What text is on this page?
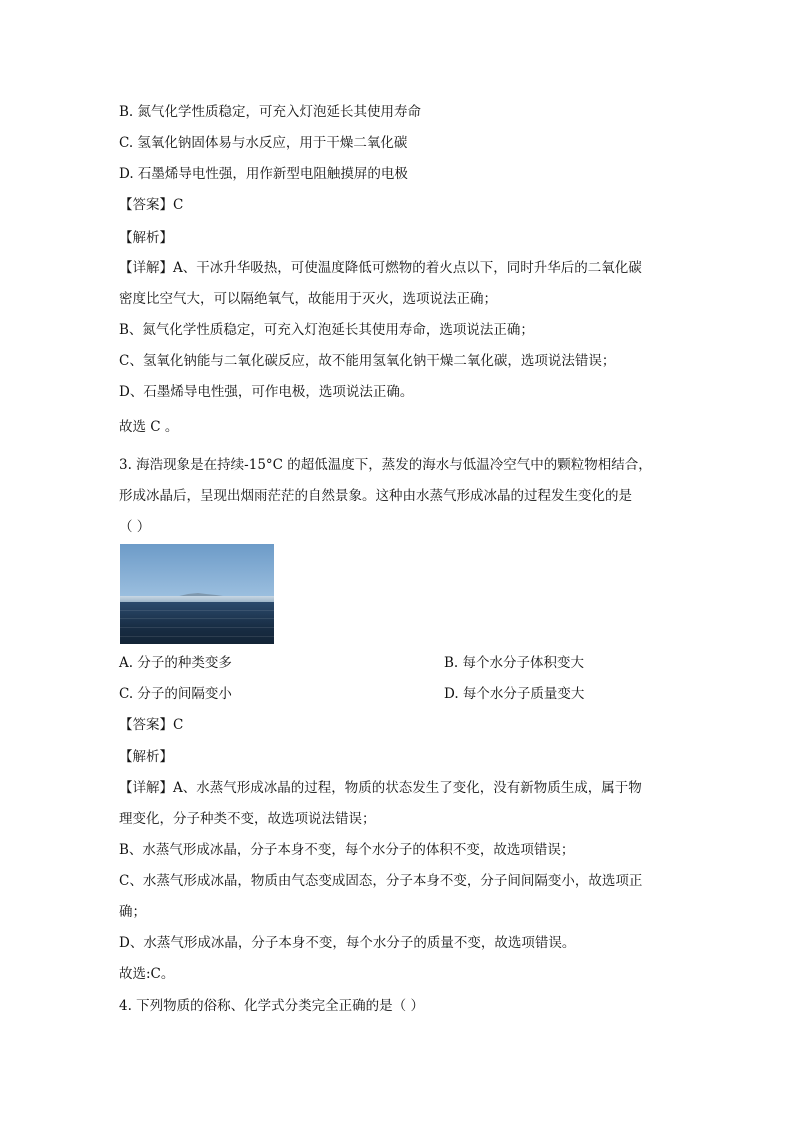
B. 氮气化学性质稳定，可充入灯泡延长其使用寿命
C. 氢氧化钠固体易与水反应，用于干燥二氧化碳
D. 石墨烯导电性强，用作新型电阻触摸屏的电极
【答案】C
【解析】
【详解】A、干冰升华吸热，可使温度降低可燃物的着火点以下，同时升华后的二氧化碳
密度比空气大，可以隔绝氧气，故能用于灭火，选项说法正确；
B、氮气化学性质稳定，可充入灯泡延长其使用寿命，选项说法正确；
C、氢氧化钠能与二氧化碳反应，故不能用氢氧化钠干燥二氧化碳，选项说法错误；
D、石墨烯导电性强，可作电极，选项说法正确。
故选 C 。
3. 海浩现象是在持续-15°C 的超低温度下，蒸发的海水与低温冷空气中的颗粒物相结合，
形成冰晶后，呈现出烟雨茫茫的自然景象。这种由水蒸气形成冰晶的过程发生变化的是
（ ）
A. 分子的种类变多	B. 每个水分子体积变大
C. 分子的间隔变小	D. 每个水分子质量变大
【答案】C
【解析】
【详解】A、水蒸气形成冰晶的过程，物质的状态发生了变化，没有新物质生成，属于物
理变化，分子种类不变，故选项说法错误；
B、水蒸气形成冰晶，分子本身不变，每个水分子的体积不变，故选项错误；
C、水蒸气形成冰晶，物质由气态变成固态，分子本身不变，分子间间隔变小，故选项正
确；
D、水蒸气形成冰晶，分子本身不变，每个水分子的质量不变，故选项错误。
故选:C。
4. 下列物质的俗称、化学式分类完全正确的是（ ）
